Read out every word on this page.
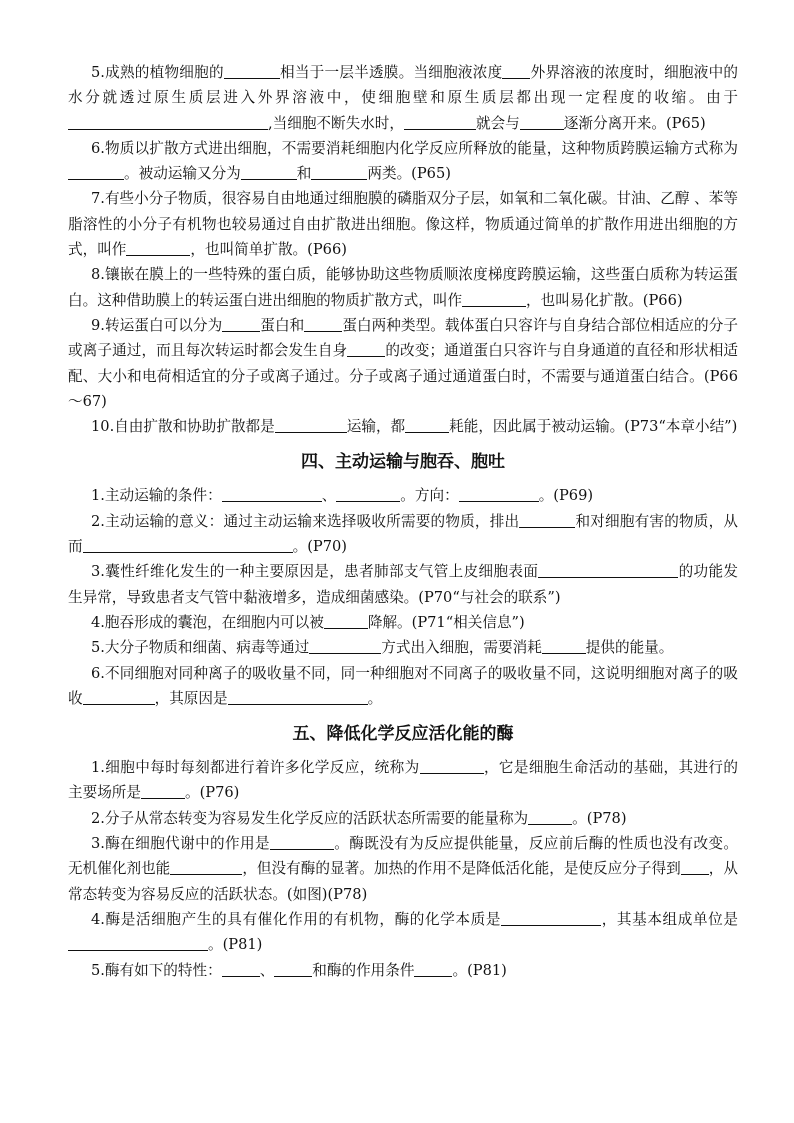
5.成熟的植物细胞的	相当于一层半透膜。当细胞液浓度 外界溶液的浓度时，细胞液中的水分就透过原生质层进入外界溶液中，使细胞壁和原生质层都出现一定程度的收缩。由于,当细胞不断失水时，	就会与	逐渐分离开来。(P65)

6.物质以扩散方式进出细胞，不需要消耗细胞内化学反应所释放的能量，这种物质跨膜运输方式称为。被动运输又分为	和	两类。(P65)

7.有些小分子物质，很容易自由地通过细胞膜的磷脂双分子层，如氧和二氧化碳。甘油、乙醇 、苯等脂溶性的小分子有机物也较易通过自由扩散进出细胞。像这样，物质通过简单的扩散作用进出细胞的方式，叫作	，也叫简单扩散。(P66)

8.镶嵌在膜上的一些特殊的蛋白质，能够协助这些物质顺浓度梯度跨膜运输，这些蛋白质称为转运蛋白。这种借助膜上的转运蛋白进出细胞的物质扩散方式，叫作	，也叫易化扩散。(P66)

9.转运蛋白可以分为	蛋白和	蛋白两种类型。载体蛋白只容许与自身结合部位相适应的分子或离子通过，而且每次转运时都会发生自身	的改变；通道蛋白只容许与自身通道的直径和形状相适配、大小和电荷相适宜的分子或离子通过。分子或离子通过通道蛋白时，不需要与通道蛋白结合。(P66～67)

10.自由扩散和协助扩散都是	运输，都	耗能，因此属于被动运输。(P73“本章小结”)

四、主动运输与胞吞、胞吐

1.主动运输的条件：	、	。方向：	。(P69)

2.主动运输的意义：通过主动运输来选择吸收所需要的物质，排出	和对细胞有害的物质，从而	。(P70)

3.囊性纤维化发生的一种主要原因是，患者肺部支气管上皮细胞表面	的功能发生异常，导致患者支气管中黏液增多，造成细菌感染。(P70“与社会的联系”)

4.胞吞形成的囊泡，在细胞内可以被	降解。(P71“相关信息”)

5.大分子物质和细菌、病毒等通过	方式出入细胞，需要消耗	提供的能量。

6.不同细胞对同种离子的吸收量不同，同一种细胞对不同离子的吸收量不同，这说明细胞对离子的吸收	，其原因是	。

五、降低化学反应活化能的酶

1.细胞中每时每刻都进行着许多化学反应，统称为	，它是细胞生命活动的基础，其进行的主要场所是	。(P76)

2.分子从常态转变为容易发生化学反应的活跃状态所需要的能量称为	。(P78)

3.酶在细胞代谢中的作用是	。酶既没有为反应提供能量，反应前后酶的性质也没有改变。无机催化剂也能	，但没有酶的显著。加热的作用不是降低活化能，是使反应分子得到 ，从常态转变为容易反应的活跃状态。(如图)(P78)

4.酶是活细胞产生的具有催化作用的有机物，酶的化学本质是	，其基本组成单位是。(P81)

5.酶有如下的特性：	、	和酶的作用条件	。(P81)
